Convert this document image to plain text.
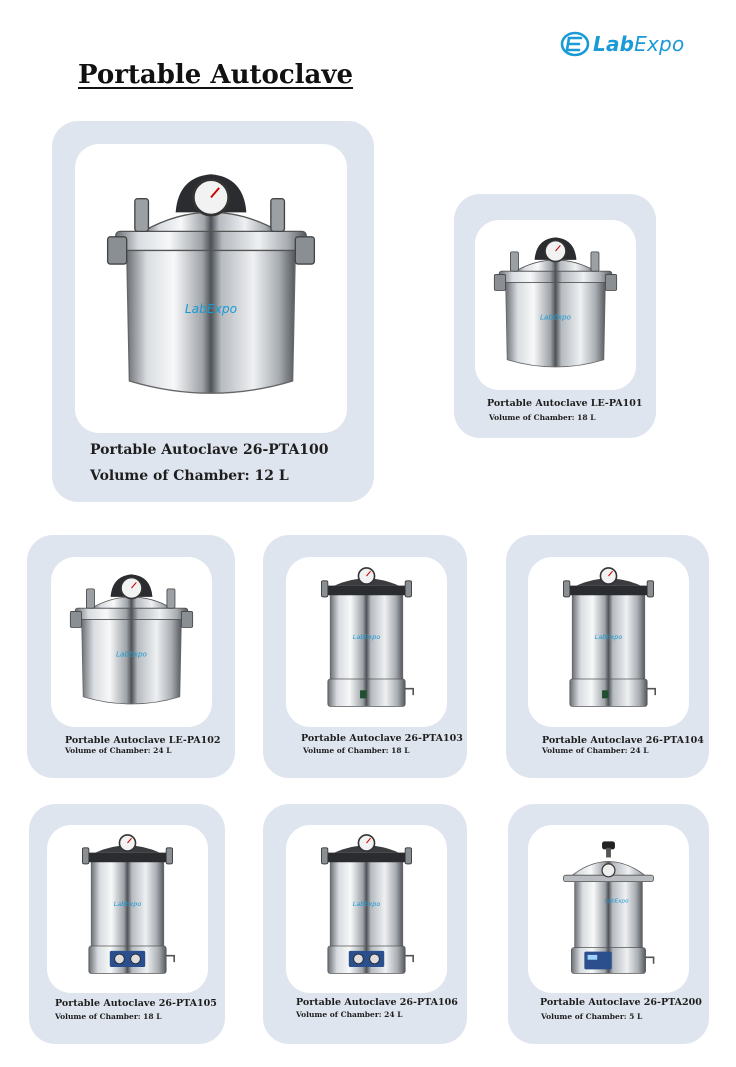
LabExpo
Portable Autoclave
LabExpo
Portable Autoclave 26-PTA100
Volume of Chamber: 12 L
LabExpo
Portable Autoclave LE-PA101
Volume of Chamber: 18 L
LabExpo
Portable Autoclave LE-PA102
Volume of Chamber: 24 L
LabExpo
Portable Autoclave 26-PTA103
Volume of Chamber: 18 L
LabExpo
Portable Autoclave 26-PTA104
Volume of Chamber: 24 L
LabExpo
Portable Autoclave 26-PTA105
Volume of Chamber: 18 L
LabExpo
Portable Autoclave 26-PTA106
Volume of Chamber: 24 L
LabExpo
Portable Autoclave 26-PTA200
Volume of Chamber: 5 L
